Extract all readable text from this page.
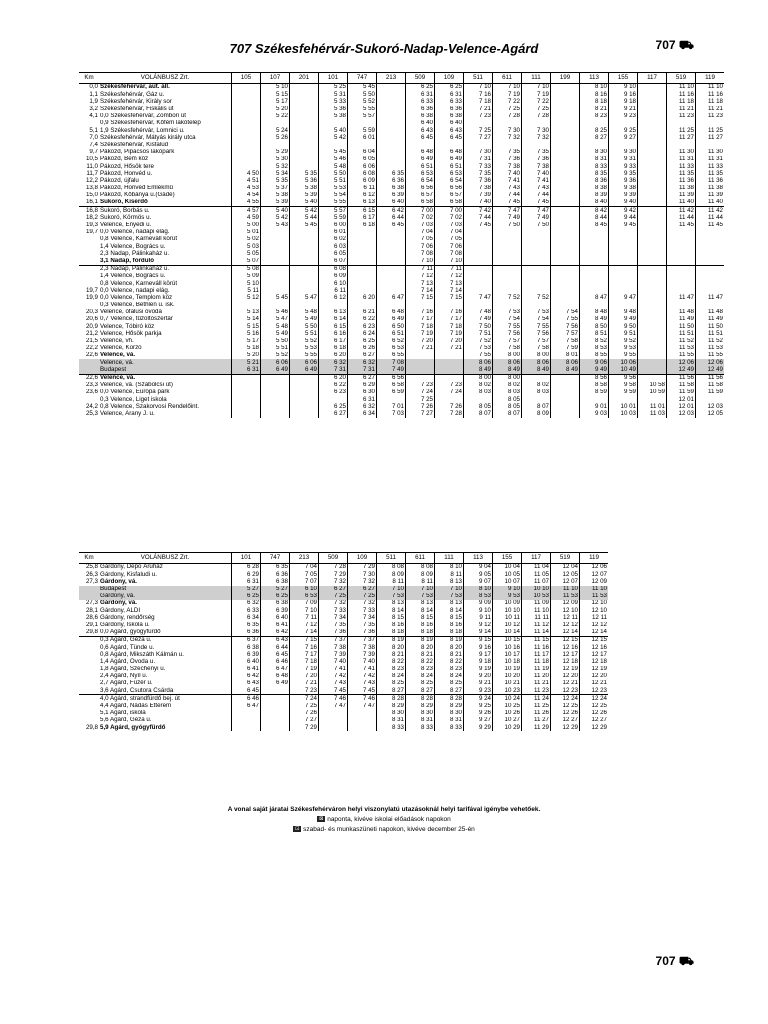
707 Székesfehérvár-Sukoró-Nadap-Velence-Agárd	707 ⛟
Km	VOLÁNBUSZ Zrt.	105	107	201	101	747	213	509	109	511	611	111	199	113	155	117	519	119
0,0	Székesfehérvár, aut. áll.		5 10		5 25	5 45		6 25	6 25	7 10	7 10	7 10		8 10	9 10		11 10	11 10
1,1	Székesfehérvár, Gáz u.		5 15		5 31	5 50		6 31	6 31	7 16	7 19	7 19		8 16	9 16		11 16	11 16
1,9	Székesfehérvár, Király sor		5 17		5 33	5 52		6 33	6 33	7 18	7 22	7 22		8 18	9 18		11 18	11 18
3,2	Székesfehérvár, Fiskális út		5 20		5 36	5 55		6 36	6 36	7 21	7 25	7 25		8 21	9 21		11 21	11 21
4,1	0,0 Székesfehérvár, Zombori út		5 22		5 38	5 57		6 38	6 38	7 23	7 28	7 28		8 23	9 23		11 23	11 23
	0,9 Székesfehérvár, Kőfém lakótelep							6 40	6 40									
5,1	1,9 Székesfehérvár, Lomnici u.		5 24		5 40	5 59		6 43	6 43	7 25	7 30	7 30		8 25	9 25		11 25	11 25
7,0	Székesfehérvár, Mátyás király utca		5 26		5 42	6 01		6 45	6 45	7 27	7 32	7 32		8 27	9 27		11 27	11 27
7,4	Székesfehérvár, Kisfalud																	
9,7	Pákozd, Pipacsos lakópark		5 29		5 45	6 04		6 48	6 48	7 30	7 35	7 35		8 30	9 30		11 30	11 30
10,5	Pákozd, Bem köz		5 30		5 46	6 05		6 49	6 49	7 31	7 36	7 36		8 31	9 31		11 31	11 31
11,0	Pákozd, Hősök tere		5 32		5 48	6 06		6 51	6 51	7 33	7 38	7 38		8 33	9 33		11 33	11 33
11,7	Pákozd, Honvéd u.	4 50	5 34	5 35	5 50	6 08	6 35	6 53	6 53	7 35	7 40	7 40		8 35	9 35		11 35	11 35
12,2	Pákozd, újfalu	4 51	5 35	5 36	5 51	6 09	6 36	6 54	6 54	7 36	7 41	7 41		8 36	9 36		11 36	11 36
13,8	Pákozd, Honvéd Emlékmű	4 53	5 37	5 38	5 53	6 11	6 38	6 56	6 56	7 38	7 43	7 43		8 38	9 38		11 38	11 38
15,0	Pákozd, Kőbánya u.(Gádé)	4 54	5 38	5 39	5 54	6 12	6 39	6 57	6 57	7 39	7 44	7 44		8 39	9 39		11 39	11 39
16,1	Sukoró, Kiserdő	4 55	5 39	5 40	5 55	6 13	6 40	6 58	6 58	7 40	7 45	7 45		8 40	9 40		11 40	11 40
16,8	Sukoró, Borbás u.	4 57	5 40	5 42	5 57	6 15	6 42	7 00	7 00	7 42	7 47	7 47		8 42	9 42		11 42	11 42
18,2	Sukoró, Körmös u.	4 59	5 42	5 44	5 59	6 17	6 44	7 02	7 02	7 44	7 49	7 49		8 44	9 44		11 44	11 44
19,3	Velence, Enyedi u.	5 00	5 43	5 45	6 00	6 18	6 45	7 03	7 03	7 45	7 50	7 50		8 45	9 45		11 45	11 45
19,7	0,0 Velence, nadapi elág.	5 01			6 01			7 04	7 04									
	0,8 Velence, Karneváll körút	5 02			6 02			7 05	7 05									
	1,4 Velence, Bogrács u.	5 03			6 03			7 06	7 06									
	2,3 Nadap, Pálinkaház u.	5 05			6 05			7 08	7 08									
	3,1 Nadap, forduló	5 07			6 07			7 10	7 10									
	2,3 Nadap, Pálinkaház u.	5 08			6 08			7 11	7 11									
	1,4 Velence, Bogrács u.	5 09			6 09			7 12	7 12									
	0,8 Velence, Karneváll körút	5 10			6 10			7 13	7 13									
19,7	0,0 Velence, nadapi elág.	5 11			6 11			7 14	7 14									
19,9	0,0 Velence, Templom köz	5 12	5 45	5 47	6 12	6 20	6 47	7 15	7 15	7 47	7 52	7 52		8 47	9 47		11 47	11 47
	0,3 Velence, Bethlen u. isk.																	
20,3	Velence, ófalusi óvoda	5 13	5 46	5 48	6 13	6 21	6 48	7 16	7 16	7 48	7 53	7 53	7 54	8 48	9 48		11 48	11 48
20,6	0,7 Velence, tűzoltószertár	5 14	5 47	5 49	6 14	6 22	6 49	7 17	7 17	7 49	7 54	7 54	7 55	8 49	9 49		11 49	11 49
20,9	Velence, Tóbiró köz	5 15	5 48	5 50	6 15	6 23	6 50	7 18	7 18	7 50	7 55	7 55	7 56	8 50	9 50		11 50	11 50
21,2	Velence, Hősök parkja	5 16	5 49	5 51	6 16	6 24	6 51	7 19	7 19	7 51	7 56	7 56	7 57	8 51	9 51		11 51	11 51
21,5	Velence, vh.	5 17	5 50	5 52	6 17	6 25	6 52	7 20	7 20	7 52	7 57	7 57	7 58	8 52	9 52		11 52	11 52
22,2	Velence, Korzó	5 18	5 51	5 53	6 18	6 26	6 53	7 21	7 21	7 53	7 58	7 58	7 59	8 53	9 53		11 53	11 53
22,6	Velence, vá.	5 20	5 52	5 55	6 20	6 27	6 55			7 55	8 00	8 00	8 01	8 55	9 55		11 55	11 55
	Velence, vá.	5 21	6 06	6 06	6 32	6 32	7 08			8 06	8 06	8 06	8 06	9 06	10 06		12 06	12 06
	Budapest	6 31	6 49	6 49	7 31	7 31	7 49			8 49	8 49	8 49	8 49	9 49	10 49		12 49	12 49
22,6	Velence, vá.				6 20	6 27	6 56			8 00	8 00			8 56	9 56		11 56	11 56
23,3	Velence, vá. (Szabolcsi út)				6 22	6 29	6 58	7 23	7 23	8 02	8 02	8 02		8 58	9 58	10 58	11 58	11 58
23,6	0,0 Velence, Európa park				6 23	6 30	6 59	7 24	7 24	8 03	8 03	8 03		8 59	9 59	10 59	11 59	11 59
	0,3 Velence, Liget iskola					6 31		7 25			8 05						12 01	
24,2	0,8 Velence, Szakorvosi Rendelőint.				6 25	6 32	7 01	7 26	7 26	8 05	8 05	8 07		9 01	10 01	11 01	12 01	12 03
25,3	Velence, Arany J. u.				6 27	6 34	7 03	7 27	7 28	8 07	8 07	8 09		9 03	10 03	11 03	12 03	12 05
Km	VOLÁNBUSZ Zrt.	101	747	213	509	109	511	611	111	113	155	117	519	119
25,8	Gárdony, Depo Áruház	6 28	6 35	7 04	7 28	7 29	8 08	8 08	8 10	9 04	10 04	11 04	12 04	12 06
26,3	Gárdony, Kisfaludi u.	6 29	6 36	7 05	7 29	7 30	8 09	8 09	8 11	9 05	10 05	11 05	12 05	12 07
27,3	Gárdony, vá.	6 31	6 38	7 07	7 32	7 32	8 11	8 11	8 13	9 07	10 07	11 07	12 07	12 09
	Budapest	5 27	5 27	6 10	6 27	6 27	7 10	7 10	7 10	8 10	9 10	10 10	11 10	11 10
	Gárdony, vá.	6 25	6 25	6 53	7 25	7 25	7 53	7 53	7 53	8 53	9 53	10 53	11 53	11 53
27,3	Gárdony, vá.	6 32	6 38	7 09	7 32	7 32	8 13	8 13	8 13	9 09	10 09	11 09	12 09	12 10
28,1	Gárdony, ALDI	6 33	6 39	7 10	7 33	7 33	8 14	8 14	8 14	9 10	10 10	11 10	12 10	12 10
28,6	Gárdony, rendőrség	6 34	6 40	7 11	7 34	7 34	8 15	8 15	8 15	9 11	10 11	11 11	12 11	12 11
29,1	Gárdony, Iskola u.	6 35	6 41	7 12	7 35	7 35	8 16	8 16	8 16	9 12	10 12	11 12	12 12	12 12
29,8	0,0 Agárd, gyógyfürdő	6 36	6 42	7 14	7 36	7 36	8 18	8 18	8 18	9 14	10 14	11 14	12 14	12 14
	0,3 Agárd, Géza u.	6 37	6 43	7 15	7 37	7 37	8 19	8 19	8 19	9 15	10 15	11 15	12 15	12 15
	0,6 Agárd, Tünde u.	6 38	6 44	7 16	7 38	7 38	8 20	8 20	8 20	9 16	10 16	11 16	12 16	12 16
	0,8 Agárd, Mikszáth Kálmán u.	6 39	6 45	7 17	7 39	7 39	8 21	8 21	8 21	9 17	10 17	11 17	12 17	12 17
	1,4 Agárd, Óvoda u.	6 40	6 46	7 18	7 40	7 40	8 22	8 22	8 22	9 18	10 18	11 18	12 18	12 18
	1,8 Agárd, Széchenyi u.	6 41	6 47	7 19	7 41	7 41	8 23	8 23	8 23	9 19	10 19	11 19	12 19	12 19
	2,4 Agárd, Nyíl u.	6 42	6 48	7 20	7 42	7 42	8 24	8 24	8 24	9 20	10 20	11 20	12 20	12 20
	2,7 Agárd, Füzér u.	6 43	6 49	7 21	7 43	7 43	8 25	8 25	8 25	9 21	10 21	11 21	12 21	12 21
	3,6 Agárd, Csutora Csárda	6 45		7 23	7 45	7 45	8 27	8 27	8 27	9 23	10 23	11 23	12 23	12 23
	4,0 Agárd, strandfürdő bej. út	6 46		7 24	7 46	7 46	8 28	8 28	8 28	9 24	10 24	11 24	12 24	12 24
	4,4 Agárd, Nádas Étterem	6 47		7 25	7 47	7 47	8 29	8 29	8 29	9 25	10 25	11 25	12 25	12 25
	5,1 Agárd, iskola			7 26			8 30	8 30	8 30	9 26	10 26	11 26	12 26	12 26
	5,6 Agárd, Géza u.			7 27			8 31	8 31	8 31	9 27	10 27	11 27	12 27	12 27
29,8	5,9 Agárd, gyógyfürdő			7 29			8 33	8 33	8 33	9 29	10 29	11 29	12 29	12 29
A vonal saját járatai Székesfehérváron helyi viszonylatú utazásoknál helyi tarifával igénybe vehetőek.
⊠ naponta, kivéve iskolai előadások napokon
⊡ szabad- és munkaszüneti napokon, kivéve december 25-én
707 ⛟
